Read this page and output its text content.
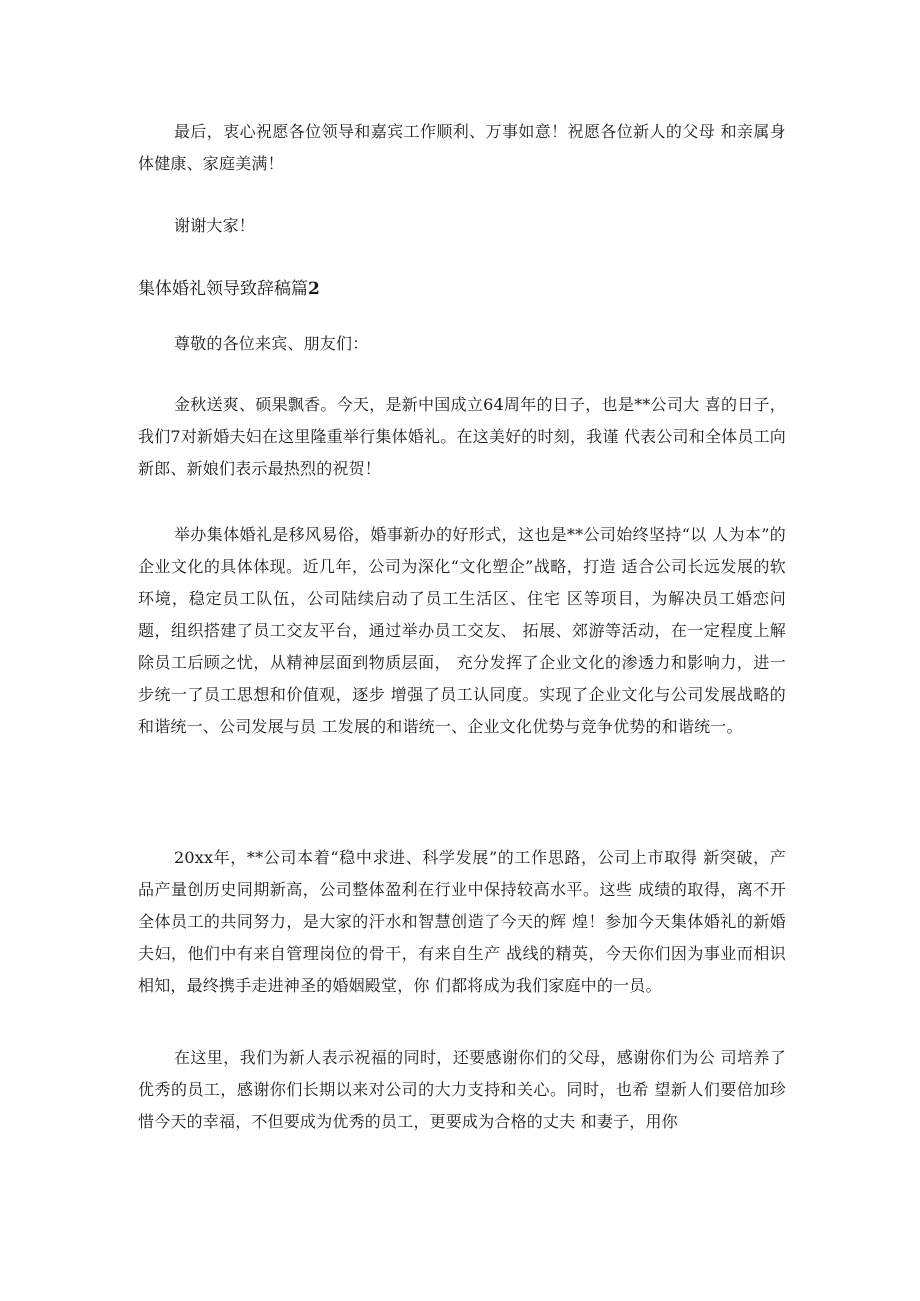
最后，衷心祝愿各位领导和嘉宾工作顺利、万事如意！祝愿各位新人的父母 和亲属身体健康、家庭美满！

谢谢大家！

集体婚礼领导致辞稿篇2

尊敬的各位来宾、朋友们：

金秋送爽、硕果飘香。今天，是新中国成立64周年的日子，也是**公司大 喜的日子，我们7对新婚夫妇在这里隆重举行集体婚礼。在这美好的时刻，我谨 代表公司和全体员工向新郎、新娘们表示最热烈的祝贺！

举办集体婚礼是移风易俗，婚事新办的好形式，这也是**公司始终坚持“以 人为本”的企业文化的具体体现。近几年，公司为深化“文化塑企”战略，打造 适合公司长远发展的软环境，稳定员工队伍，公司陆续启动了员工生活区、住宅 区等项目，为解决员工婚恋问题，组织搭建了员工交友平台，通过举办员工交友、 拓展、郊游等活动，在一定程度上解除员工后顾之忧，从精神层面到物质层面， 充分发挥了企业文化的渗透力和影响力，进一步统一了员工思想和价值观，逐步 增强了员工认同度。实现了企业文化与公司发展战略的和谐统一、公司发展与员 工发展的和谐统一、企业文化优势与竞争优势的和谐统一。

20xx年，**公司本着“稳中求进、科学发展”的工作思路，公司上市取得 新突破，产品产量创历史同期新高，公司整体盈利在行业中保持较高水平。这些 成绩的取得，离不开全体员工的共同努力，是大家的汗水和智慧创造了今天的辉 煌！参加今天集体婚礼的新婚夫妇，他们中有来自管理岗位的骨干，有来自生产 战线的精英，今天你们因为事业而相识相知，最终携手走进神圣的婚姻殿堂，你 们都将成为我们家庭中的一员。

在这里，我们为新人表示祝福的同时，还要感谢你们的父母，感谢你们为公 司培养了优秀的员工，感谢你们长期以来对公司的大力支持和关心。同时，也希 望新人们要倍加珍惜今天的幸福，不但要成为优秀的员工，更要成为合格的丈夫 和妻子，用你
